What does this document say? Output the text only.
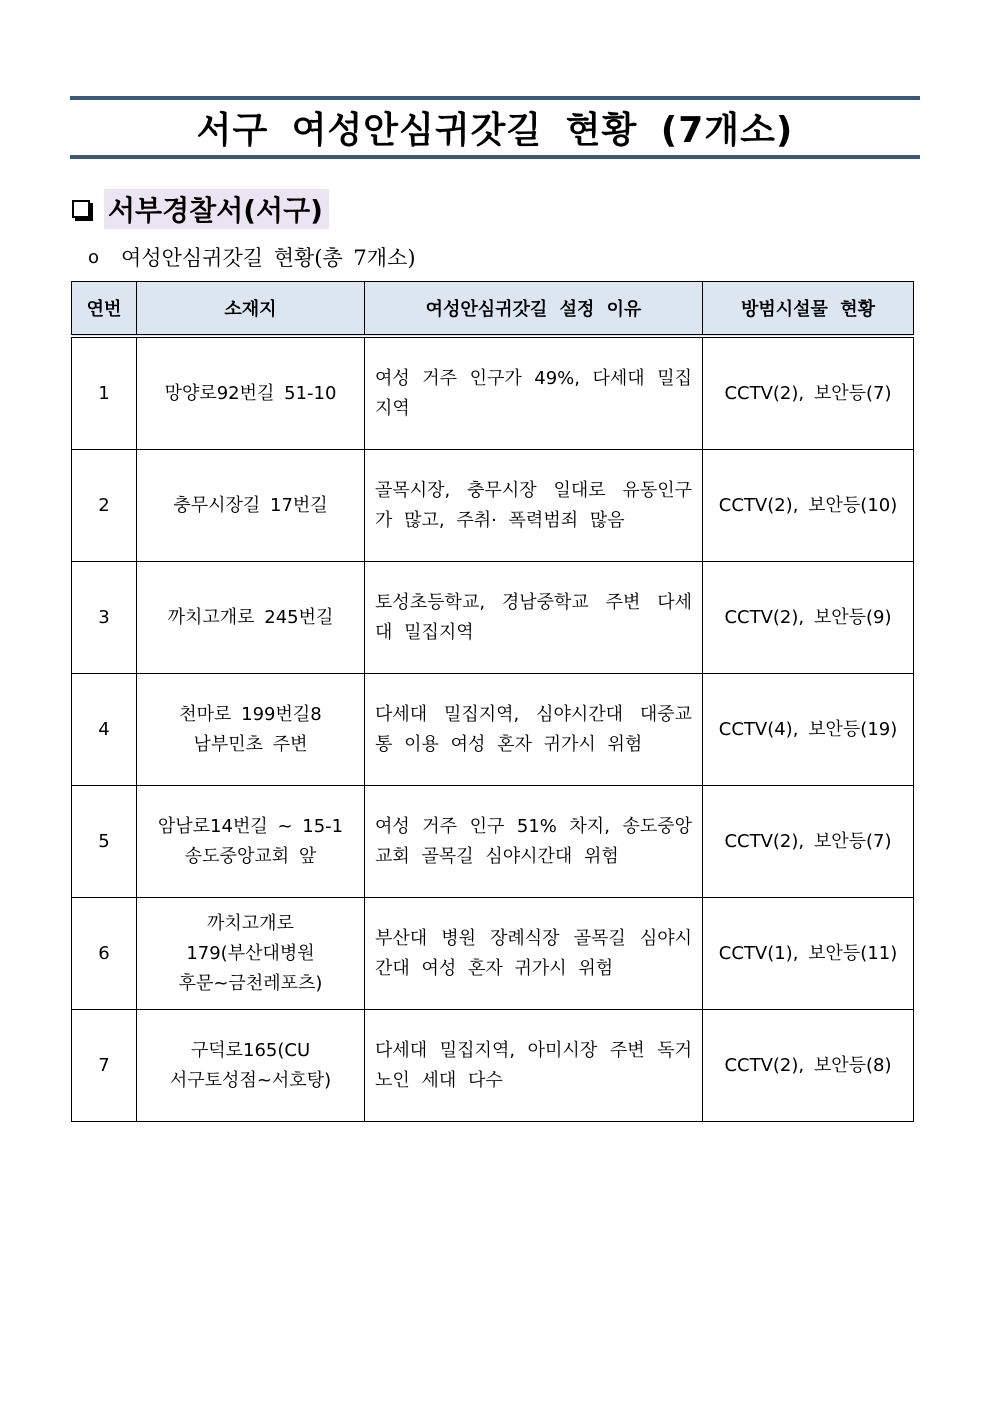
서구 여성안심귀갓길 현황 (7개소)
서부경찰서(서구)
o 여성안심귀갓길 현황(총 7개소)
연번	소재지	여성안심귀갓길 설정 이유	방범시설물 현황
1	망양로92번길 51-10	여성 거주 인구가 49%, 다세대 밀집지역	CCTV(2), 보안등(7)
2	충무시장길 17번길	골목시장, 충무시장 일대로 유동인구가 많고, 주취· 폭력범죄 많음	CCTV(2), 보안등(10)
3	까치고개로 245번길	토성초등학교, 경남중학교 주변 다세대 밀집지역	CCTV(2), 보안등(9)
4	천마로 199번길8
남부민초 주변	다세대 밀집지역, 심야시간대 대중교통 이용 여성 혼자 귀가시 위험	CCTV(4), 보안등(19)
5	암남로14번길 ~ 15-1
송도중앙교회 앞	여성 거주 인구 51% 차지, 송도중앙교회 골목길 심야시간대 위험	CCTV(2), 보안등(7)
6	까치고개로
179(부산대병원
후문~금천레포츠)	부산대 병원 장례식장 골목길 심야시간대 여성 혼자 귀가시 위험	CCTV(1), 보안등(11)
7	구덕로165(CU
서구토성점~서호탕)	다세대 밀집지역, 아미시장 주변 독거노인 세대 다수	CCTV(2), 보안등(8)
